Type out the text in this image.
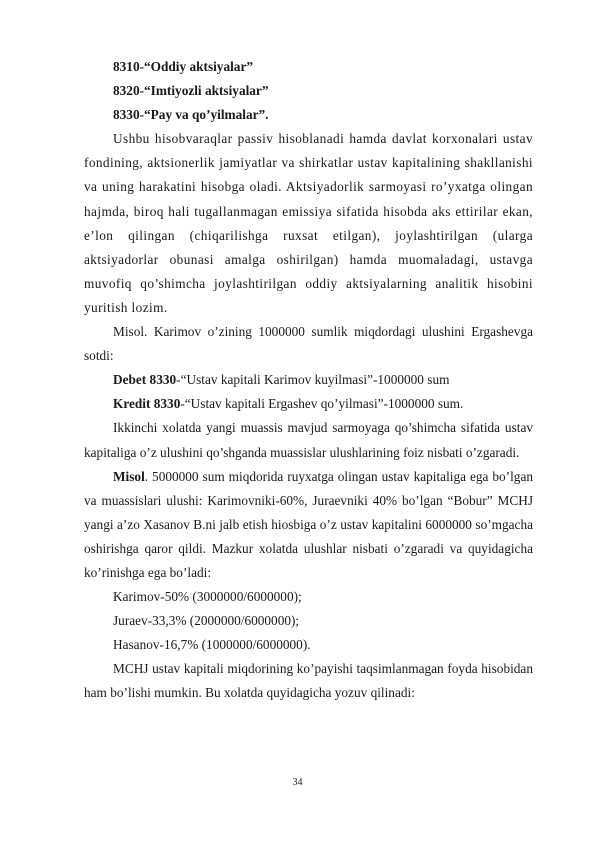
8310-“Oddiy aktsiyalar”

8320-“Imtiyozli aktsiyalar”

8330-“Pay va qo’yilmalar”.

Ushbu hisobvaraqlar passiv hisoblanadi hamda davlat korxonalari ustav fondining, aktsionerlik jamiyatlar va shirkatlar ustav kapitalining shakllanishi va uning harakatini hisobga oladi. Aktsiyadorlik sarmoyasi ro’yxatga olingan hajmda, biroq hali tugallanmagan emissiya sifatida hisobda aks ettirilar ekan, e’lon qilingan (chiqarilishga ruxsat etilgan), joylashtirilgan (ularga aktsiyadorlar obunasi amalga oshirilgan) hamda muomaladagi, ustavga muvofiq qo’shimcha joylashtirilgan oddiy aktsiyalarning analitik hisobini yuritish lozim.

Misol. Karimov o’zining 1000000 sumlik miqdordagi ulushini Ergashevga sotdi:

Debet 8330-“Ustav kapitali Karimov kuyilmasi”-1000000 sum

Kredit 8330-“Ustav kapitali Ergashev qo’yilmasi”-1000000 sum.

Ikkinchi xolatda yangi muassis mavjud sarmoyaga qo’shimcha sifatida ustav kapitaliga o’z ulushini qo’shganda muassislar ulushlarining foiz nisbati o’zgaradi.

Misol. 5000000 sum miqdorida ruyxatga olingan ustav kapitaliga ega bo’lgan va muassislari ulushi: Karimovniki-60%, Juraevniki 40% bo’lgan “Bobur” MCHJ yangi a’zo Xasanov B.ni jalb etish hiosbiga o’z ustav kapitalini 6000000 so’mgacha oshirishga qaror qildi. Mazkur xolatda ulushlar nisbati o’zgaradi va quyidagicha ko’rinishga ega bo’ladi:

Karimov-50% (3000000/6000000);

Juraev-33,3% (2000000/6000000);

Hasanov-16,7% (1000000/6000000).

MCHJ ustav kapitali miqdorining ko’payishi taqsimlanmagan foyda hisobidan ham bo’lishi mumkin. Bu xolatda quyidagicha yozuv qilinadi:

34
